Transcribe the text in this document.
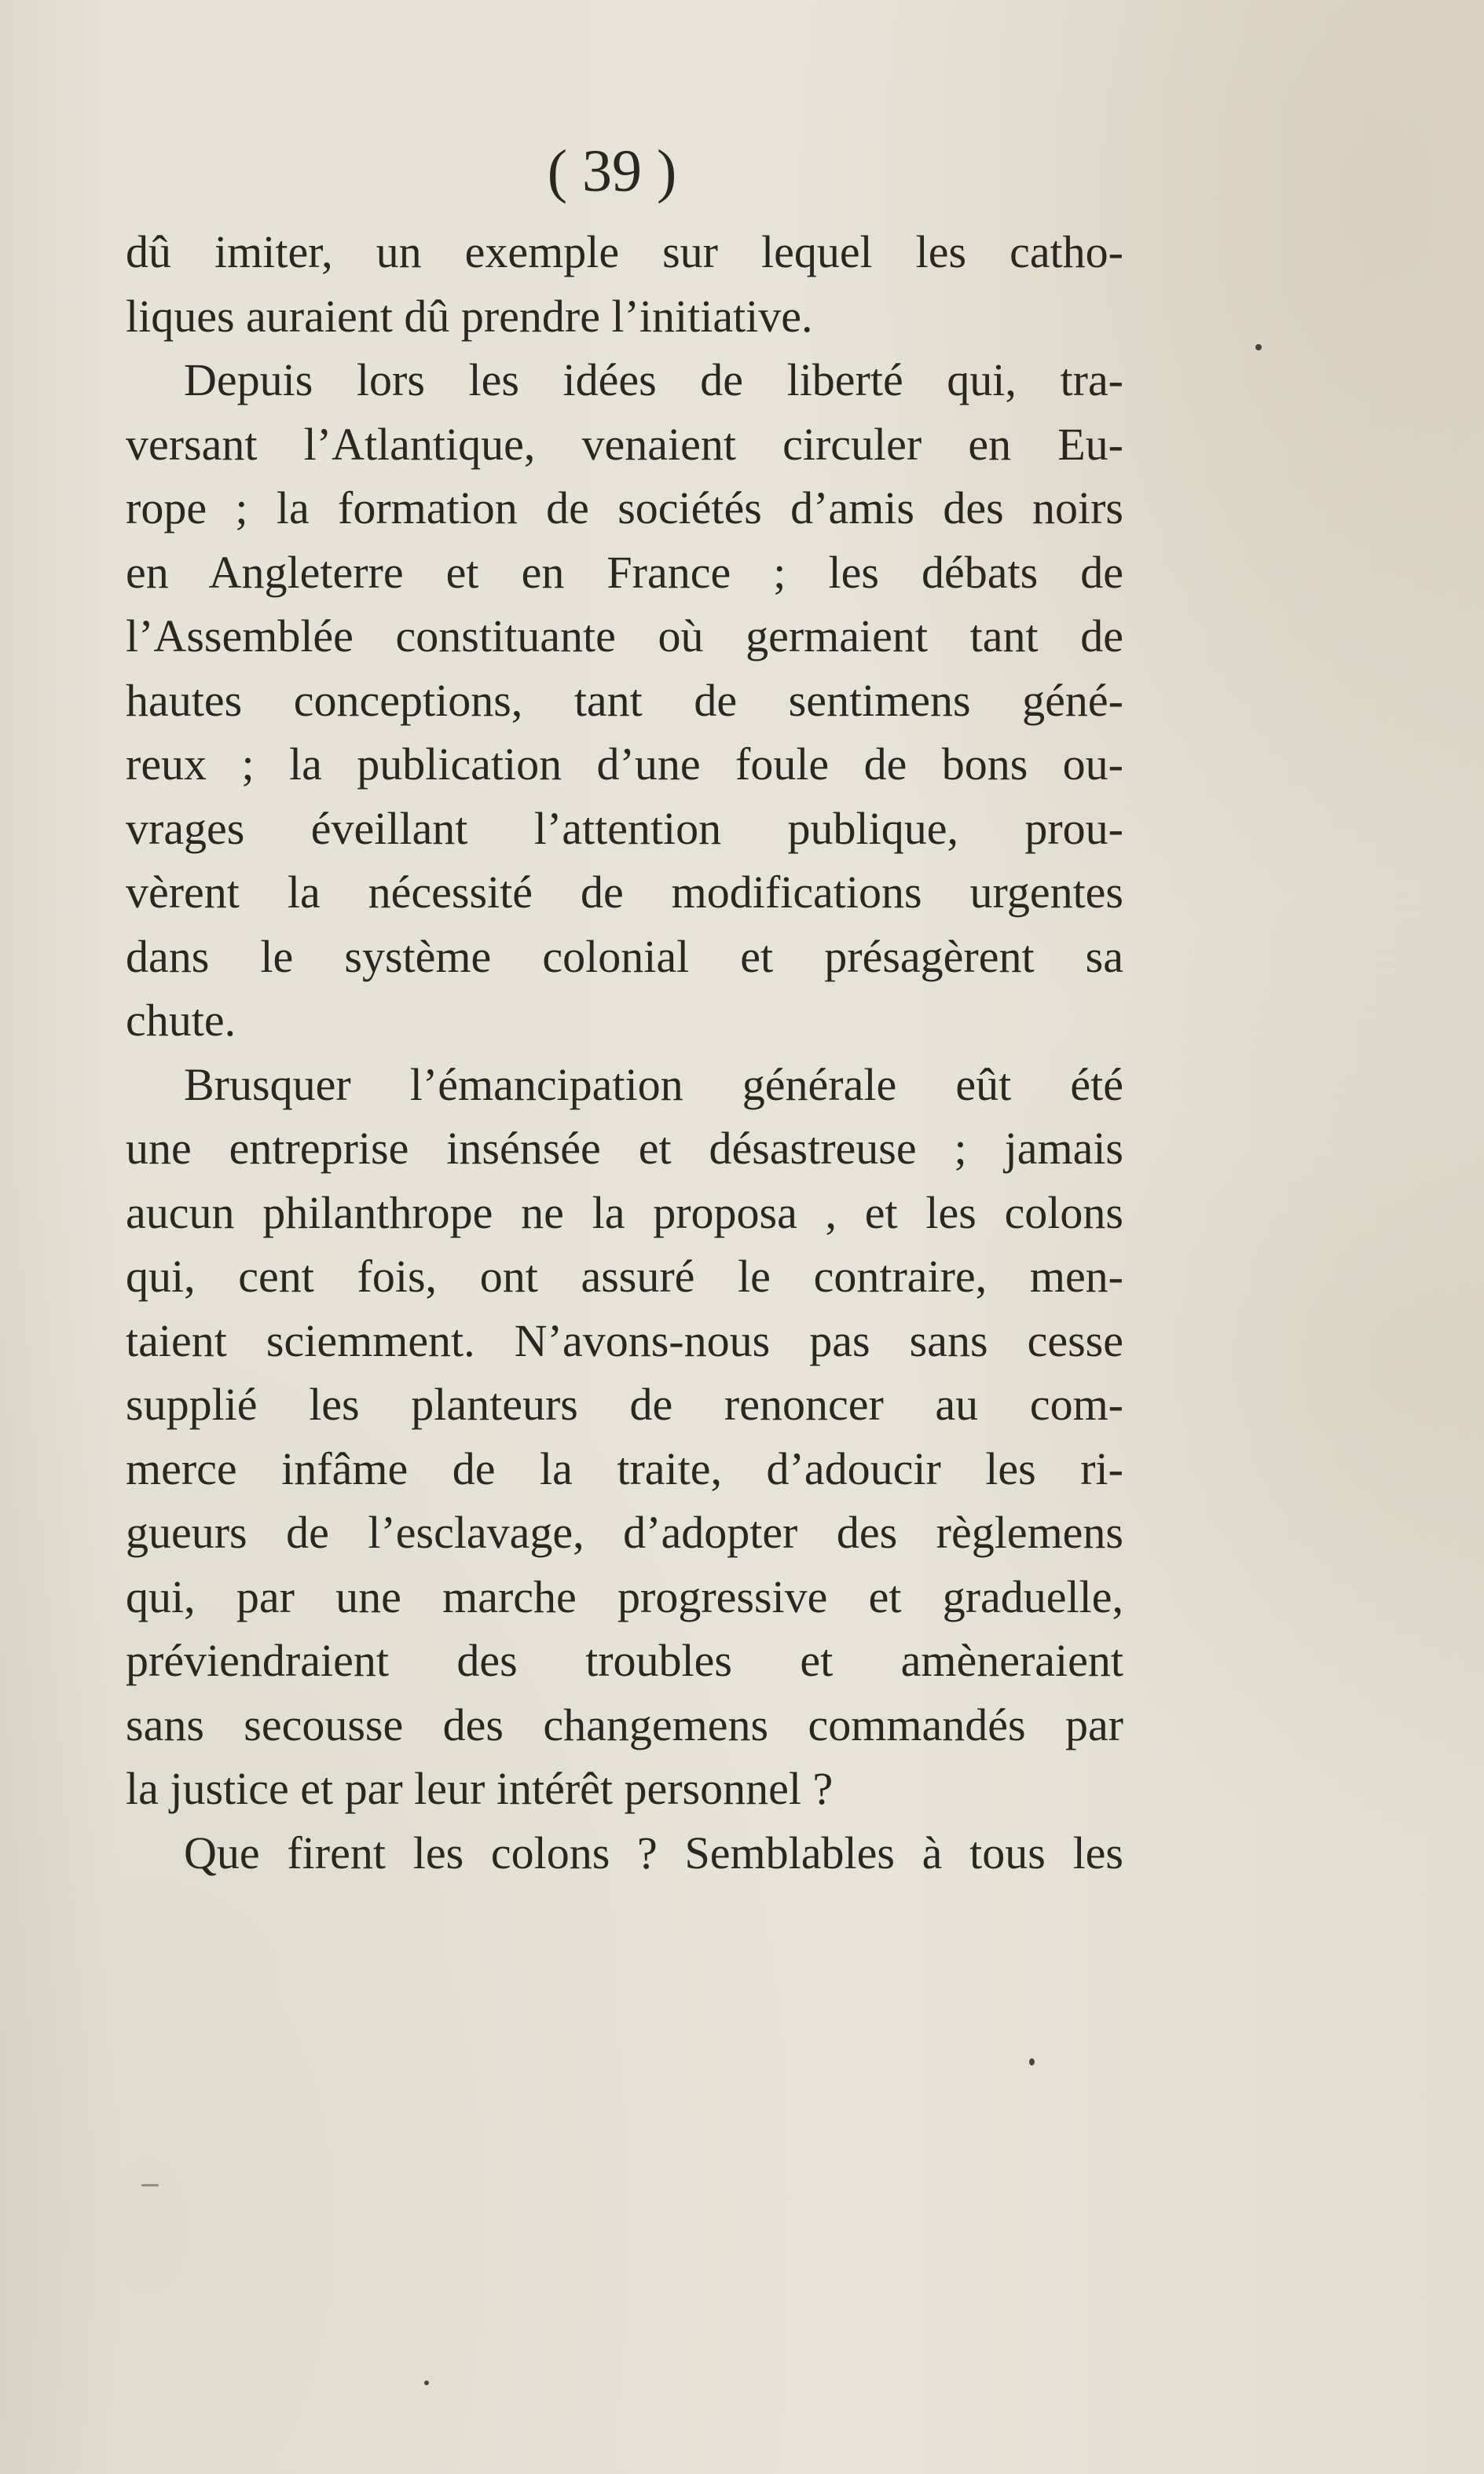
( 39 )

dû imiter, un exemple sur lequel les catho-
liques auraient dû prendre l’initiative.
Depuis lors les idées de liberté qui, tra-
versant l’Atlantique, venaient circuler en Eu-
rope ; la formation de sociétés d’amis des noirs
en Angleterre et en France ; les débats de
l’Assemblée constituante où germaient tant de
hautes conceptions, tant de sentimens géné-
reux ; la publication d’une foule de bons ou-
vrages éveillant l’attention publique, prou-
vèrent la nécessité de modifications urgentes
dans le système colonial et présagèrent sa
chute.
Brusquer l’émancipation générale eût été
une entreprise insénsée et désastreuse ; jamais
aucun philanthrope ne la proposa , et les colons
qui, cent fois, ont assuré le contraire, men-
taient sciemment. N’avons-nous pas sans cesse
supplié les planteurs de renoncer au com-
merce infâme de la traite, d’adoucir les ri-
gueurs de l’esclavage, d’adopter des règlemens
qui, par une marche progressive et graduelle,
préviendraient des troubles et amèneraient
sans secousse des changemens commandés par
la justice et par leur intérêt personnel ?
Que firent les colons ? Semblables à tous les
